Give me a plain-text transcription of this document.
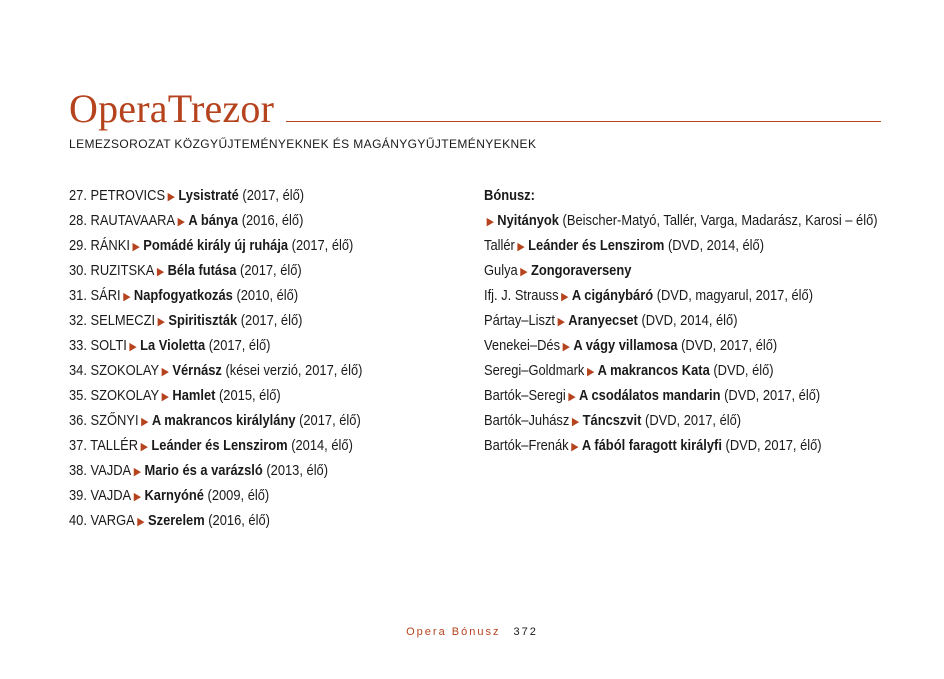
OperaTrezor
LEMEZSOROZAT KÖZGYŰJTEMÉNYEKNEK ÉS MAGÁNYGYŰJTEMÉNYEKNEK
27. PETROVICS ▶ Lysistraté (2017, élő)
28. RAUTAVAARA ▶ A bánya (2016, élő)
29. RÁNKI ▶ Pomádé király új ruhája (2017, élő)
30. RUZITSKA ▶ Béla futása (2017, élő)
31. SÁRI ▶ Napfogyatkozás (2010, élő)
32. SELMECZI ▶ Spiritiszták (2017, élő)
33. SOLTI ▶ La Violetta (2017, élő)
34. SZOKOLAY ▶ Vérnász (kései verzió, 2017, élő)
35. SZOKOLAY ▶ Hamlet (2015, élő)
36. SZŐNYI ▶ A makrancos királylány (2017, élő)
37. TALLÉR ▶ Leánder és Lenszirom (2014, élő)
38. VAJDA ▶ Mario és a varázsló (2013, élő)
39. VAJDA ▶ Karnyóné (2009, élő)
40. VARGA ▶ Szerelem (2016, élő)
Bónusz:
▶ Nyitányok (Beischer-Matyó, Tallér, Varga, Madarász, Karosi – élő)
Tallér ▶ Leánder és Lenszirom (DVD, 2014, élő)
Gulya ▶ Zongoraverseny
Ifj. J. Strauss ▶ A cigánybáró (DVD, magyarul, 2017, élő)
Pártay–Liszt ▶ Aranyecset (DVD, 2014, élő)
Venekei–Dés ▶ A vágy villamosa (DVD, 2017, élő)
Seregi–Goldmark ▶ A makrancos Kata (DVD, élő)
Bartók–Seregi ▶ A csodálatos mandarin (DVD, 2017, élő)
Bartók–Juhász ▶ Táncszvit (DVD, 2017, élő)
Bartók–Frenák ▶ A fából faragott királyfi (DVD, 2017, élő)
Opera Bónusz 372
